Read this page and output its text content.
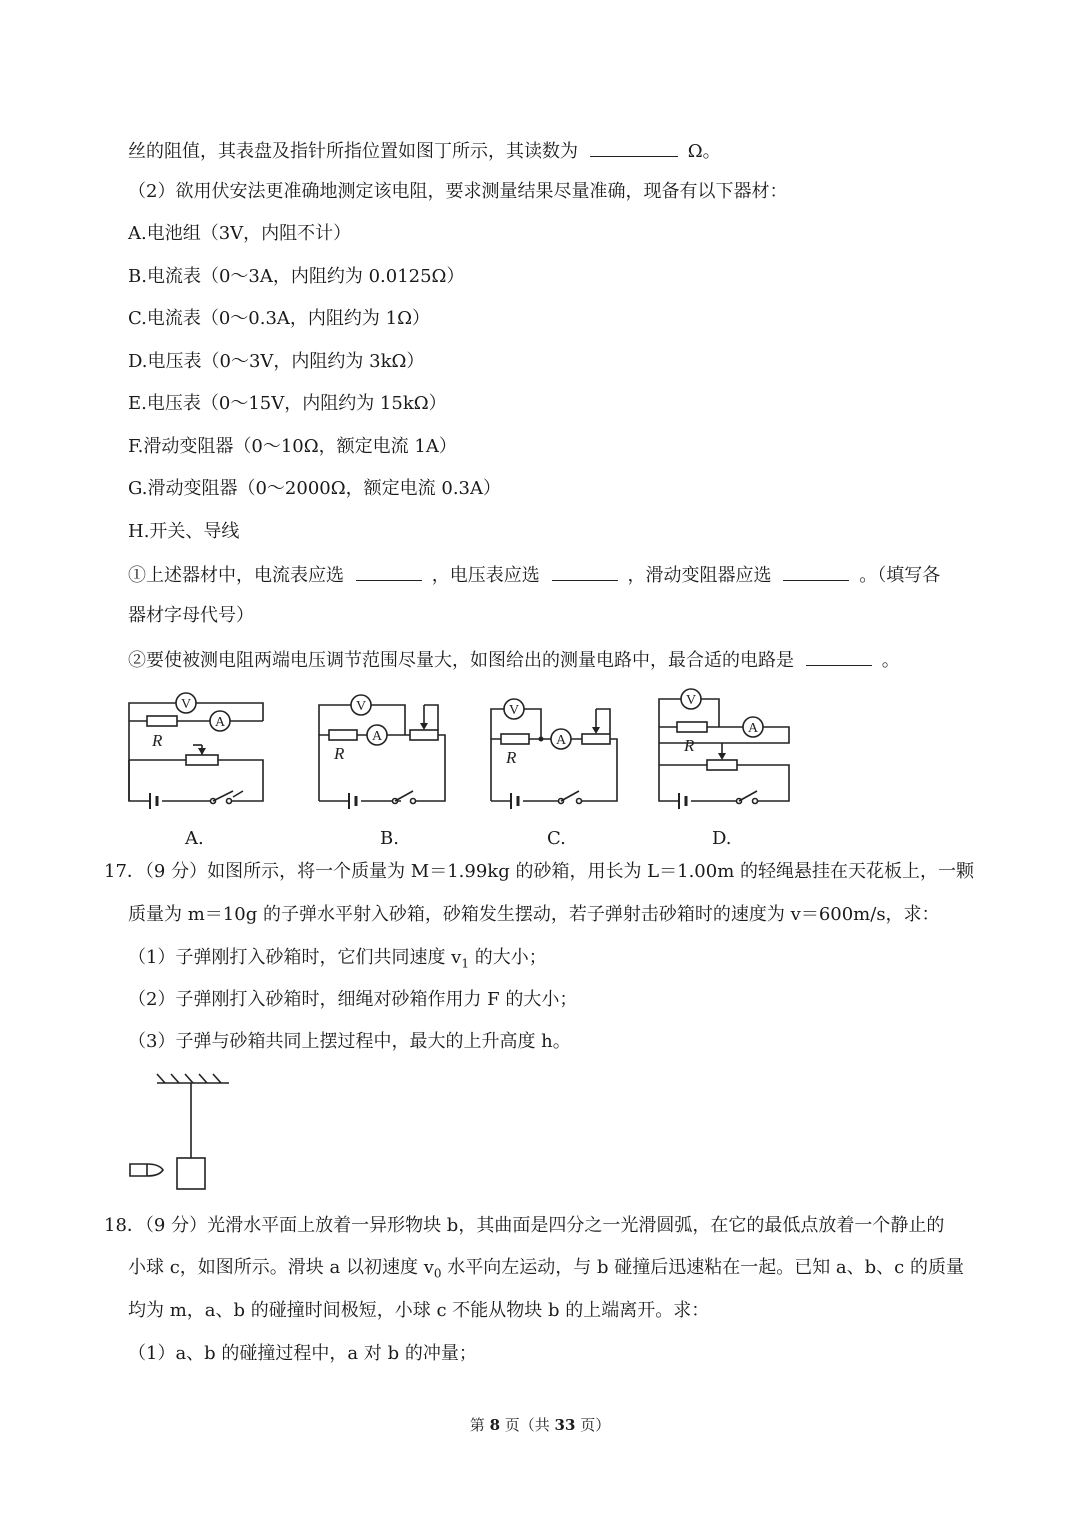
丝的阻值，其表盘及指针所指位置如图丁所示，其读数为	Ω。
（2）欲用伏安法更准确地测定该电阻，要求测量结果尽量准确，现备有以下器材：
A.电池组（3V，内阻不计）
B.电流表（0～3A，内阻约为 0.0125Ω）
C.电流表（0～0.3A，内阻约为 1Ω）
D.电压表（0～3V，内阻约为 3kΩ）
E.电压表（0～15V，内阻约为 15kΩ）
F.滑动变阻器（0～10Ω，额定电流 1A）
G.滑动变阻器（0～2000Ω，额定电流 0.3A）
H.开关、导线
①上述器材中，电流表应选	，电压表应选	，滑动变阻器应选	。（填写各
器材字母代号）
②要使被测电阻两端电压调节范围尽量大，如图给出的测量电路中，最合适的电路是	。
V
A
R
A.
V
A
R
B.
V
A
R
C.
V
A
R
D.
17．（9 分）如图所示，将一个质量为 M＝1.99kg 的砂箱，用长为 L＝1.00m 的轻绳悬挂在天花板上，一颗
质量为 m＝10g 的子弹水平射入砂箱，砂箱发生摆动，若子弹射击砂箱时的速度为 v＝600m/s，求：
（1）子弹刚打入砂箱时，它们共同速度 $v_1$ 的大小；
（2）子弹刚打入砂箱时，细绳对砂箱作用力 F 的大小；
（3）子弹与砂箱共同上摆过程中，最大的上升高度 h。
18．（9 分）光滑水平面上放着一异形物块 b，其曲面是四分之一光滑圆弧，在它的最低点放着一个静止的
小球 c，如图所示。滑块 a 以初速度 $v_0$ 水平向左运动，与 b 碰撞后迅速粘在一起。已知 a、b、c 的质量
均为 m，a、b 的碰撞时间极短，小球 c 不能从物块 b 的上端离开。求：
（1）a、b 的碰撞过程中，a 对 b 的冲量；
第 8 页（共 33 页）
